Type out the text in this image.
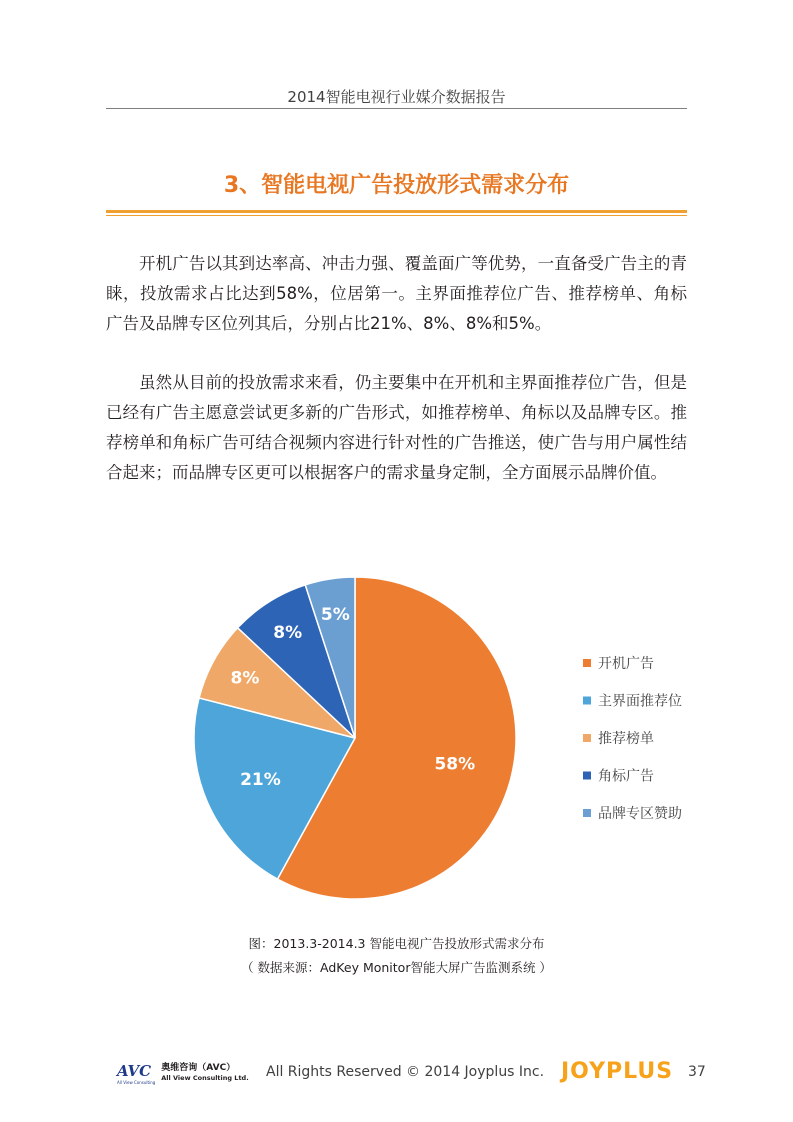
2014智能电视行业媒介数据报告
3、智能电视广告投放形式需求分布

开机广告以其到达率高、冲击力强、覆盖面广等优势，一直备受广告主的青睐，投放需求占比达到58%，位居第一。主界面推荐位广告、推荐榜单、角标广告及品牌专区位列其后，分别占比21%、8%、8%和5%。

虽然从目前的投放需求来看，仍主要集中在开机和主界面推荐位广告，但是已经有广告主愿意尝试更多新的广告形式，如推荐榜单、角标以及品牌专区。推荐榜单和角标广告可结合视频内容进行针对性的广告推送，使广告与用户属性结合起来；而品牌专区更可以根据客户的需求量身定制，全方面展示品牌价值。

58%
21%
8%
8%
5%
开机广告
主界面推荐位
推荐榜单
角标广告
品牌专区赞助
图：2013.3-2014.3 智能电视广告投放形式需求分布
（ 数据来源：AdKey Monitor智能大屏广告监测系统 ）
AVC
All View Consulting
奥维咨询（AVC）
All View Consulting Ltd. All Rights Reserved © 2014 Joyplus Inc. JOYPLUS 37
